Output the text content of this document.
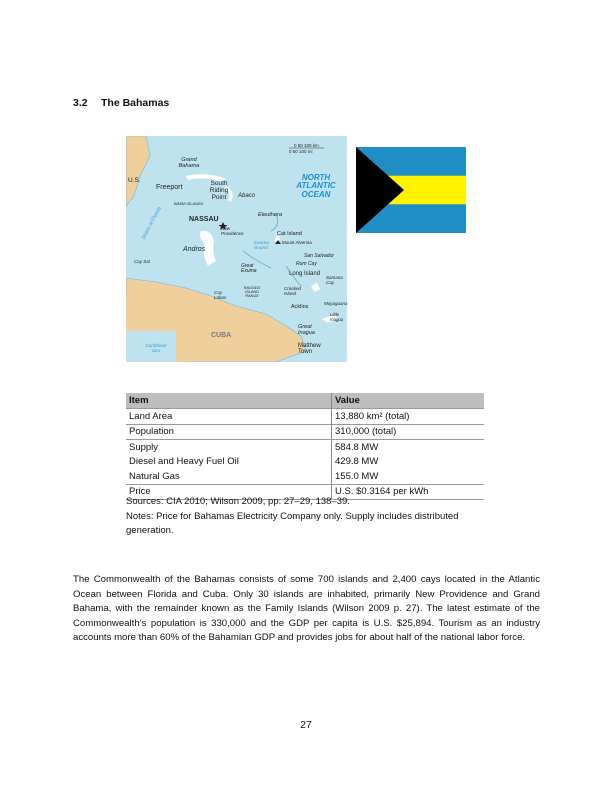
3.2 The Bahamas
0 50 100 km
0 50 100 mi
Grand Bahama
U.S.
Freeport
South Riding Point	Abaco
BIMINI ISLANDS
NASSAU
New Providence
Eleuthera
Andros
Cat Island
Mount Alvernia
Exuma Sound
San Salvador
Rum Cay
Great Exuma	Long Island
Samana Cay
Cay Sal
Cay Lobos
RAGGED ISLAND RANGE
Crooked Island
Acklins
Mayaguana
Little Inagua
Great Inagua
Matthew Town
CUBA
Caribbean Sea
NORTH ATLANTIC OCEAN
Straits of Florida
Item	Value
Land Area	13,880 km² (total)
Population	310,000 (total)
Supply	584.8 MW
Diesel and Heavy Fuel Oil	429.8 MW
Natural Gas	155.0 MW
Price	U.S. $0.3164 per kWh
Sources: CIA 2010; Wilson 2009, pp. 27–29, 138–39.
Notes: Price for Bahamas Electricity Company only. Supply includes distributed generation.
The Commonwealth of the Bahamas consists of some 700 islands and 2,400 cays located in the Atlantic Ocean between Florida and Cuba. Only 30 islands are inhabited, primarily New Providence and Grand Bahama, with the remainder known as the Family Islands (Wilson 2009 p. 27). The latest estimate of the Commonwealth’s population is 330,000 and the GDP per capita is U.S. $25,894. Tourism as an industry accounts more than 60% of the Bahamian GDP and provides jobs for about half of the national labor force.
27
